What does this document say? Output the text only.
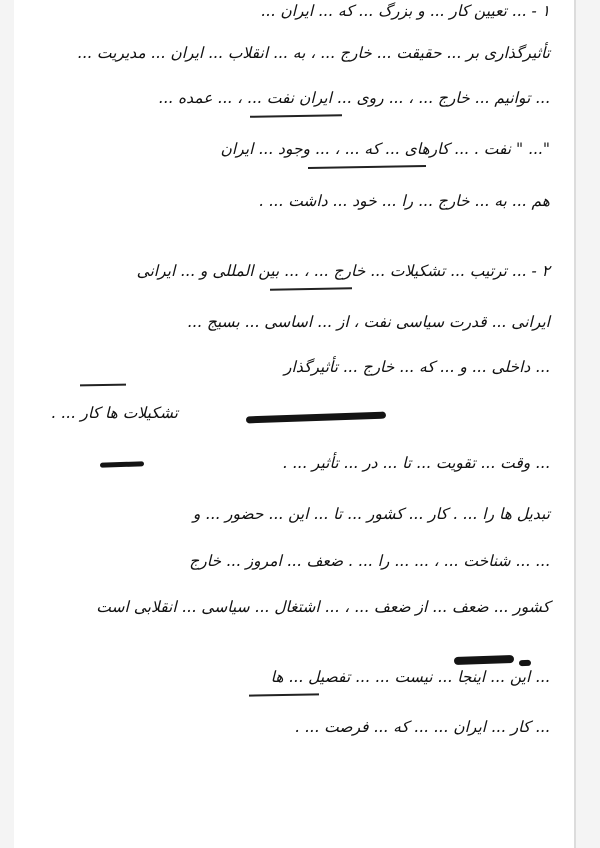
۱ - ... تعیین کار ... و بزرگ ... که ... ایران ...
تأثیرگذاری بر ... حقیقت ... خارج ... ، به ... انقلاب ... ایران ... مدیریت ...
... توانیم ... خارج ... ، ... روی ... ایران نفت ... ، ... عمده ...
"... " نفت . ... کارهای ... که ... ، ... وجود ... ایران
هم ... به ... خارج ... را ... خود ... داشت ... .
۲ - ... ترتیب ... تشکیلات ... خارج ... ، ... بین المللی و ... ایرانی
ایرانی ... قدرت سیاسی نفت ، از ... اساسی ... بسیج ...
... داخلی ... و ... که ... خارج ... تأثیرگذار
تشکیلات ها کار ... .
... وقت ... تقویت ... تا ... در ... تأثیر ... .
تبدیل ها را ... . کار ... کشور ... تا ... این ... حضور ... و
... ... شناخت ... ، ... ... را ... . ضعف ... امروز ... خارج
کشور ... ضعف ... از ضعف ... ، ... اشتغال ... سیاسی ... انقلابی است
... این ... اینجا ... نیست ... ... تفصیل ... ها
... کار ... ایران ... ... که ... فرصت ... .
